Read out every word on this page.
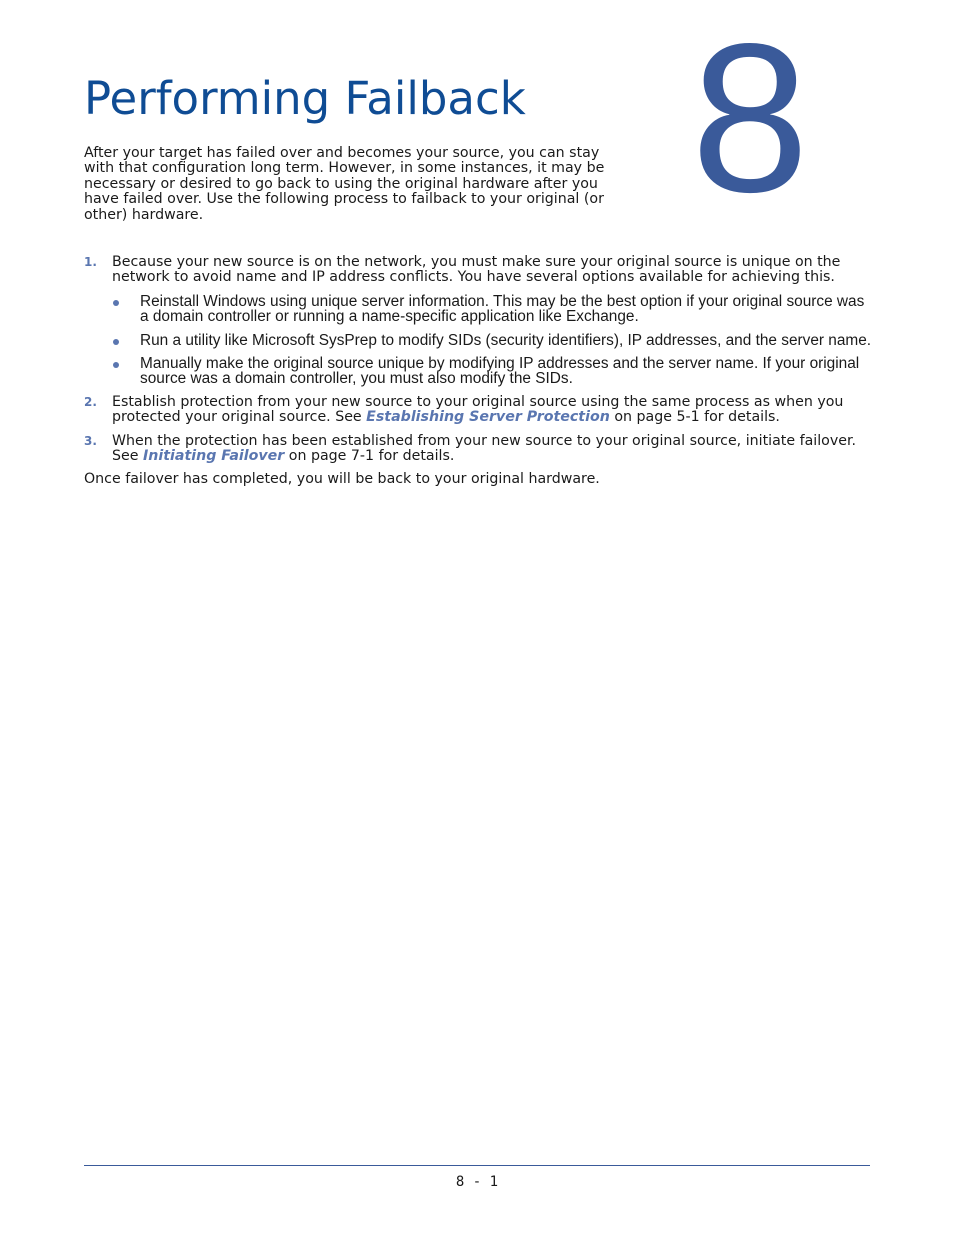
8
Performing Failback

After your target has failed over and becomes your source, you can stay with that configuration long term. However, in some instances, it may be necessary or desired to go back to using the original hardware after you have failed over. Use the following process to failback to your original (or other) hardware.

1. Because your new source is on the network, you must make sure your original source is unique on the network to avoid name and IP address conflicts. You have several options available for achieving this.
Reinstall Windows using unique server information. This may be the best option if your original source was a domain controller or running a name-specific application like Exchange.
Run a utility like Microsoft SysPrep to modify SIDs (security identifiers), IP addresses, and the server name.
Manually make the original source unique by modifying IP addresses and the server name. If your original source was a domain controller, you must also modify the SIDs.
2. Establish protection from your new source to your original source using the same process as when you protected your original source. See Establishing Server Protection on page 5-1 for details.
3. When the protection has been established from your new source to your original source, initiate failover. See Initiating Failover on page 7-1 for details.

Once failover has completed, you will be back to your original hardware.

8 - 1
